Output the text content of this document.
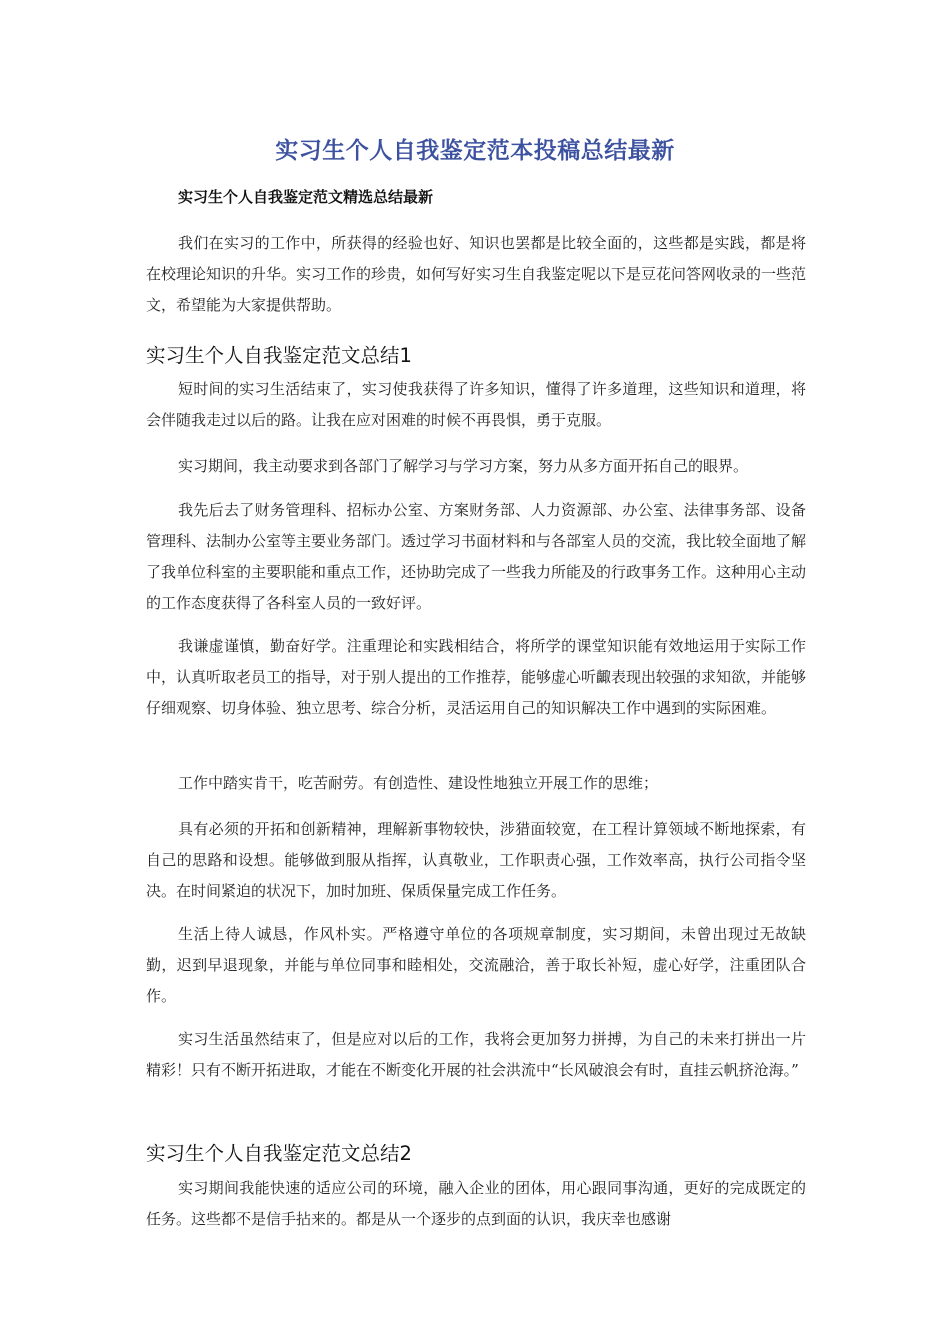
实习生个人自我鉴定范本投稿总结最新
实习生个人自我鉴定范文精选总结最新
我们在实习的工作中，所获得的经验也好、知识也罢都是比较全面的，这些都是实践，都是将在校理论知识的升华。实习工作的珍贵，如何写好实习生自我鉴定呢以下是豆花问答网收录的一些范文，希望能为大家提供帮助。
实习生个人自我鉴定范文总结1
短时间的实习生活结束了，实习使我获得了许多知识，懂得了许多道理，这些知识和道理，将会伴随我走过以后的路。让我在应对困难的时候不再畏惧，勇于克服。
实习期间，我主动要求到各部门了解学习与学习方案，努力从多方面开拓自己的眼界。
我先后去了财务管理科、招标办公室、方案财务部、人力资源部、办公室、法律事务部、设备管理科、法制办公室等主要业务部门。透过学习书面材料和与各部室人员的交流，我比较全面地了解了我单位科室的主要职能和重点工作，还协助完成了一些我力所能及的行政事务工作。这种用心主动的工作态度获得了各科室人员的一致好评。
我谦虚谨慎，勤奋好学。注重理论和实践相结合，将所学的课堂知识能有效地运用于实际工作中，认真听取老员工的指导，对于别人提出的工作推荐，能够虚心听齱表现出较强的求知欲，并能够仔细观察、切身体验、独立思考、综合分析，灵活运用自己的知识解决工作中遇到的实际困难。
工作中踏实肯干，吃苦耐劳。有创造性、建设性地独立开展工作的思维；
具有必须的开拓和创新精神，理解新事物较快，涉猎面较宽，在工程计算领域不断地探索，有自己的思路和设想。能够做到服从指挥，认真敬业，工作职责心强，工作效率高，执行公司指令坚决。在时间紧迫的状况下，加时加班、保质保量完成工作任务。
生活上待人诚恳，作风朴实。严格遵守单位的各项规章制度，实习期间，未曾出现过无故缺勤，迟到早退现象，并能与单位同事和睦相处，交流融洽，善于取长补短，虚心好学，注重团队合作。
实习生活虽然结束了，但是应对以后的工作，我将会更加努力拼搏，为自己的未来打拼出一片精彩！只有不断开拓进取，才能在不断变化开展的社会洪流中“长风破浪会有时，直挂云帆挤沧海。”
实习生个人自我鉴定范文总结2
实习期间我能快速的适应公司的环境，融入企业的团体，用心跟同事沟通，更好的完成既定的任务。这些都不是信手拈来的。都是从一个逐步的点到面的认识，我庆幸也感谢
